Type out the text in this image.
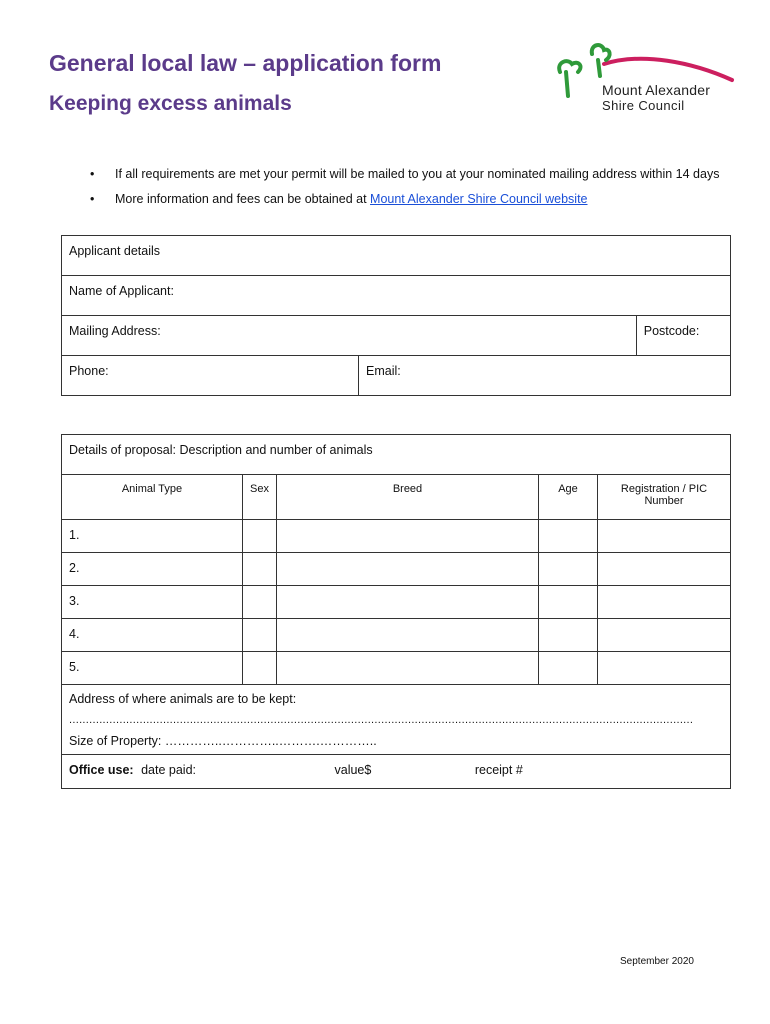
General local law – application form
Keeping excess animals
Mount Alexander
Shire Council
• If all requirements are met your permit will be mailed to you at your nominated mailing address within 14 days
• More information and fees can be obtained at Mount Alexander Shire Council website
Applicant details		
Name of Applicant:		
Mailing Address:		Postcode:
Phone:	Email:	
Details of proposal: Description and number of animals				
Animal Type	Sex	Breed	Age	Registration / PIC Number
1.				
2.				
3.				
4.				
5.				

Address of where animals are to be kept:
..........................................................................................................................................................................................
Size of Property: …………..…………..……….…………..				

Office use: date paid: value$ receipt #				
September 2020
